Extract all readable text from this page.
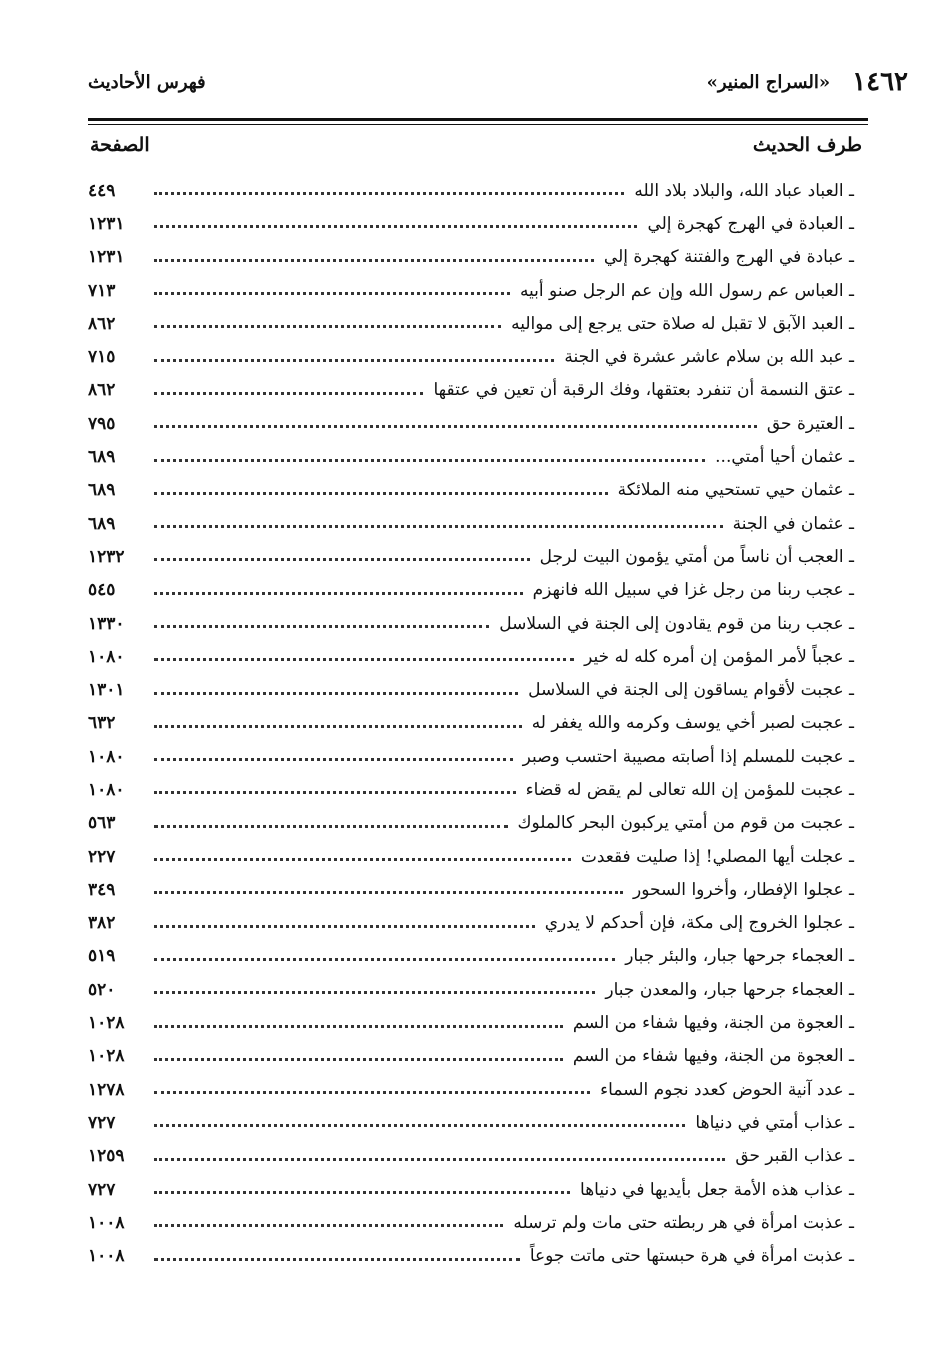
١٤٦٢
«السراج المنير»
فهرس الأحاديث
طرف الحديث
الصفحة
ـ العباد عباد الله، والبلاد بلاد الله
٤٤٩
ـ العبادة في الهرج كهجرة إلي
١٢٣١
ـ عبادة في الهرج والفتنة كهجرة إلي
١٢٣١
ـ العباس عم رسول الله وإن عم الرجل صنو أبيه
٧١٣
ـ العبد الآبق لا تقبل له صلاة حتى يرجع إلى مواليه
٨٦٢
ـ عبد الله بن سلام عاشر عشرة في الجنة
٧١٥
ـ عتق النسمة أن تنفرد بعتقها، وفك الرقبة أن تعين في عتقها
٨٦٢
ـ العتيرة حق
٧٩٥
ـ عثمان أحيا أمتي...
٦٨٩
ـ عثمان حيي تستحيي منه الملائكة
٦٨٩
ـ عثمان في الجنة
٦٨٩
ـ العجب أن ناساً من أمتي يؤمون البيت لرجل
١٢٣٢
ـ عجب ربنا من رجل غزا في سبيل الله فانهزم
٥٤٥
ـ عجب ربنا من قوم يقادون إلى الجنة في السلاسل
١٣٣٠
ـ عجباً لأمر المؤمن إن أمره كله له خير
١٠٨٠
ـ عجبت لأقوام يساقون إلى الجنة في السلاسل
١٣٠١
ـ عجبت لصبر أخي يوسف وكرمه والله يغفر له
٦٣٢
ـ عجبت للمسلم إذا أصابته مصيبة احتسب وصبر
١٠٨٠
ـ عجبت للمؤمن إن الله تعالى لم يقض له قضاء
١٠٨٠
ـ عجبت من قوم من أمتي يركبون البحر كالملوك
٥٦٣
ـ عجلت أيها المصلي! إذا صليت فقعدت
٢٢٧
ـ عجلوا الإفطار، وأخروا السحور
٣٤٩
ـ عجلوا الخروج إلى مكة، فإن أحدكم لا يدري
٣٨٢
ـ العجماء جرحها جبار، والبئر جبار
٥١٩
ـ العجماء جرحها جبار، والمعدن جبار
٥٢٠
ـ العجوة من الجنة، وفيها شفاء من السم
١٠٢٨
ـ العجوة من الجنة، وفيها شفاء من السم
١٠٢٨
ـ عدد آنية الحوض كعدد نجوم السماء
١٢٧٨
ـ عذاب أمتي في دنياها
٧٢٧
ـ عذاب القبر حق
١٢٥٩
ـ عذاب هذه الأمة جعل بأيديها في دنياها
٧٢٧
ـ عذبت امرأة في هر ربطته حتى مات ولم ترسله
١٠٠٨
ـ عذبت امرأة في هرة حبستها حتى ماتت جوعاً
١٠٠٨
